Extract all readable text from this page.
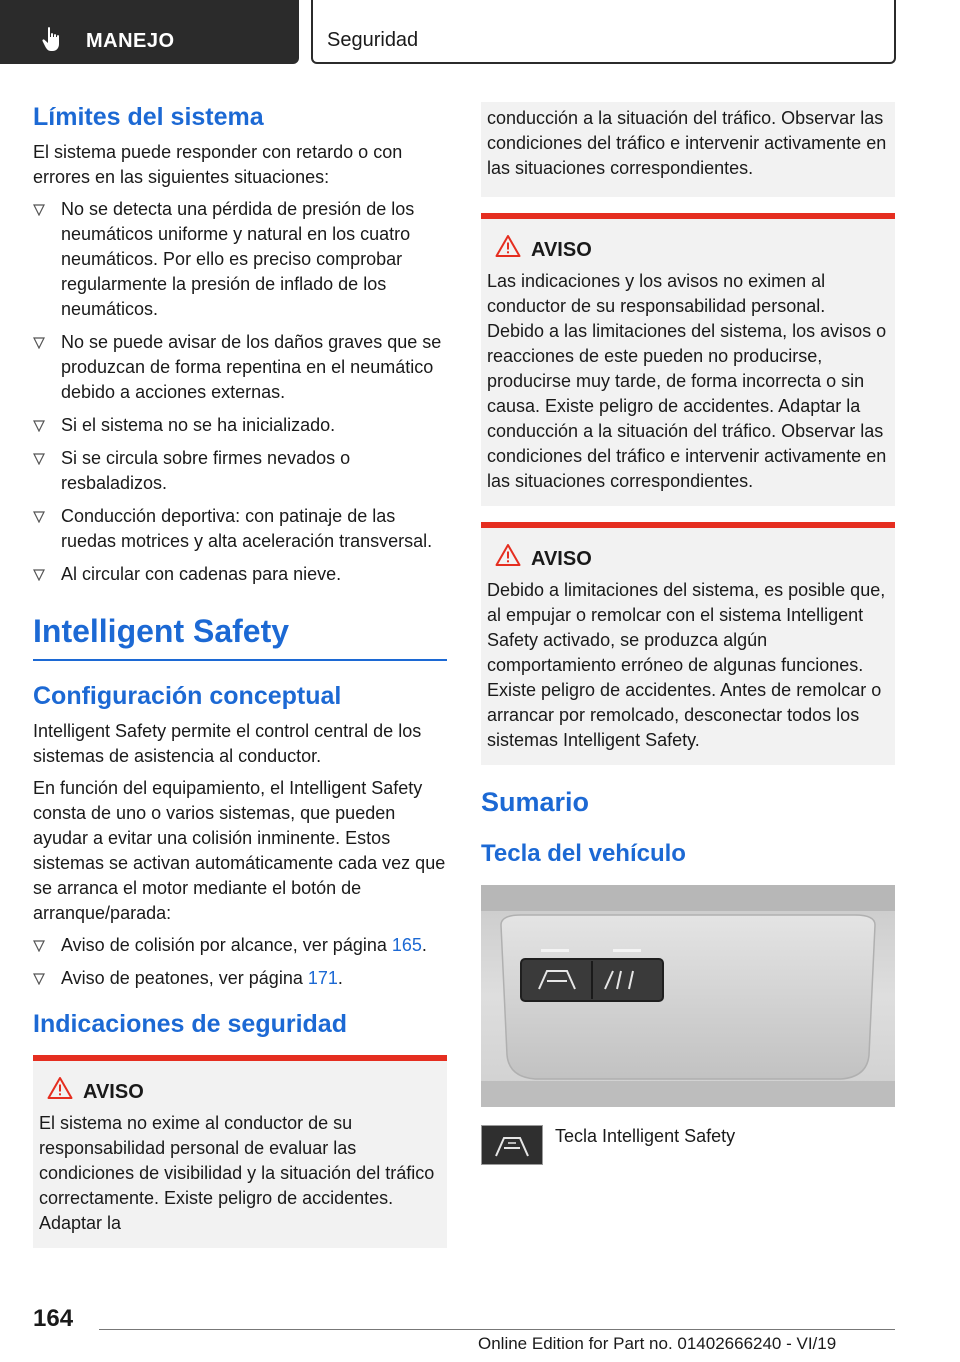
MANEJO	Seguridad
Límites del sistema

El sistema puede responder con retardo o con errores en las siguientes situaciones:

No se detecta una pérdida de presión de los neumáticos uniforme y natural en los cuatro neumáticos. Por ello es preciso comprobar regularmente la presión de inflado de los neumáticos.
No se puede avisar de los daños graves que se produzcan de forma repentina en el neumático debido a acciones externas.
Si el sistema no se ha inicializado.
Si se circula sobre firmes nevados o resbaladizos.
Conducción deportiva: con patinaje de las ruedas motrices y alta aceleración transversal.
Al circular con cadenas para nieve.
Intelligent Safety
Configuración conceptual

Intelligent Safety permite el control central de los sistemas de asistencia al conductor.

En función del equipamiento, el Intelligent Safety consta de uno o varios sistemas, que pueden ayudar a evitar una colisión inminente. Estos sistemas se activan automáticamente cada vez que se arranca el motor mediante el botón de arranque/parada:

Aviso de colisión por alcance, ver página 165.
Aviso de peatones, ver página 171.
Indicaciones de seguridad
AVISO

El sistema no exime al conductor de su responsabilidad personal de evaluar las condiciones de visibilidad y la situación del tráfico correctamente. Existe peligro de accidentes. Adaptar la

conducción a la situación del tráfico. Observar las condiciones del tráfico e intervenir activamente en las situaciones correspondientes.

AVISO

Las indicaciones y los avisos no eximen al conductor de su responsabilidad personal. Debido a las limitaciones del sistema, los avisos o reacciones de este pueden no producirse, producirse muy tarde, de forma incorrecta o sin causa. Existe peligro de accidentes. Adaptar la conducción a la situación del tráfico. Observar las condiciones del tráfico e intervenir activamente en las situaciones correspondientes.

AVISO

Debido a limitaciones del sistema, es posible que, al empujar o remolcar con el sistema Intelligent Safety activado, se produzca algún comportamiento erróneo de algunas funciones. Existe peligro de accidentes. Antes de remolcar o arrancar por remolcado, desconectar todos los sistemas Intelligent Safety.

Sumario
Tecla del vehículo
Tecla Intelligent Safety
164
Online Edition for Part no. 01402666240 - VI/19
